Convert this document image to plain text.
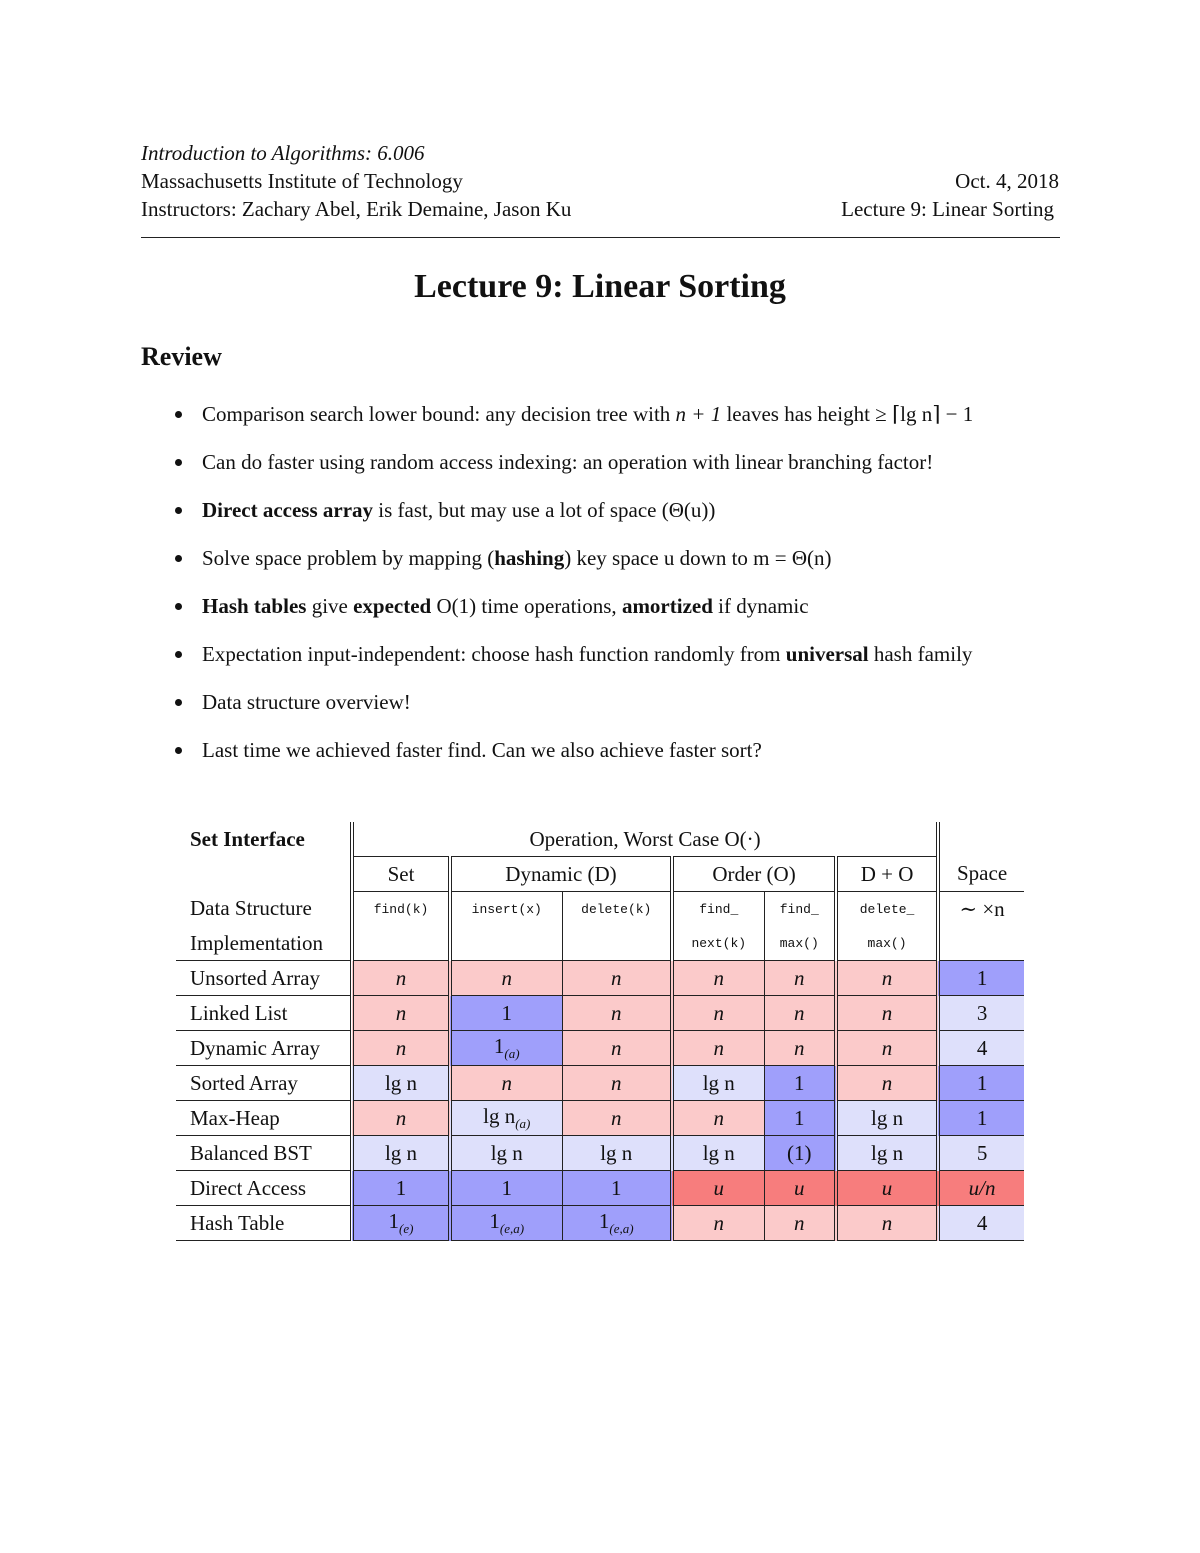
Introduction to Algorithms: 6.006
Massachusetts Institute of Technology
Instructors: Zachary Abel, Erik Demaine, Jason Ku
Oct. 4, 2018
Lecture 9: Linear Sorting
Lecture 9: Linear Sorting
Review
Comparison search lower bound: any decision tree with n + 1 leaves has height ≥ ⌈lg n⌉ − 1
Can do faster using random access indexing: an operation with linear branching factor!
Direct access array is fast, but may use a lot of space (Θ(u))
Solve space problem by mapping (hashing) key space u down to m = Θ(n)
Hash tables give expected O(1) time operations, amortized if dynamic
Expectation input-independent: choose hash function randomly from universal hash family
Data structure overview!
Last time we achieved faster find. Can we also achieve faster sort?
Set Interface	Operation, Worst Case O(·)						
	Set	Dynamic (D)		Order (O)		D + O	Space
Data Structure	find(k)	insert(x)	delete(k)	find_	find_	delete_	∼ ×n
Implementation				next(k)	max()	max()	
Unsorted Array	n	n	n	n	n	n	1
Linked List	n	1	n	n	n	n	3
Dynamic Array	n	$1_{(a)}$	n	n	n	n	4
Sorted Array	lg n	n	n	lg n	1	n	1
Max-Heap	n	$\lg n_{(a)}$	n	n	1	lg n	1
Balanced BST	lg n	lg n	lg n	lg n	(1)	lg n	5
Direct Access	1	1	1	u	u	u	u/n
Hash Table	$1_{(e)}$	$1_{(e,a)}$	$1_{(e,a)}$	n	n	n	4
